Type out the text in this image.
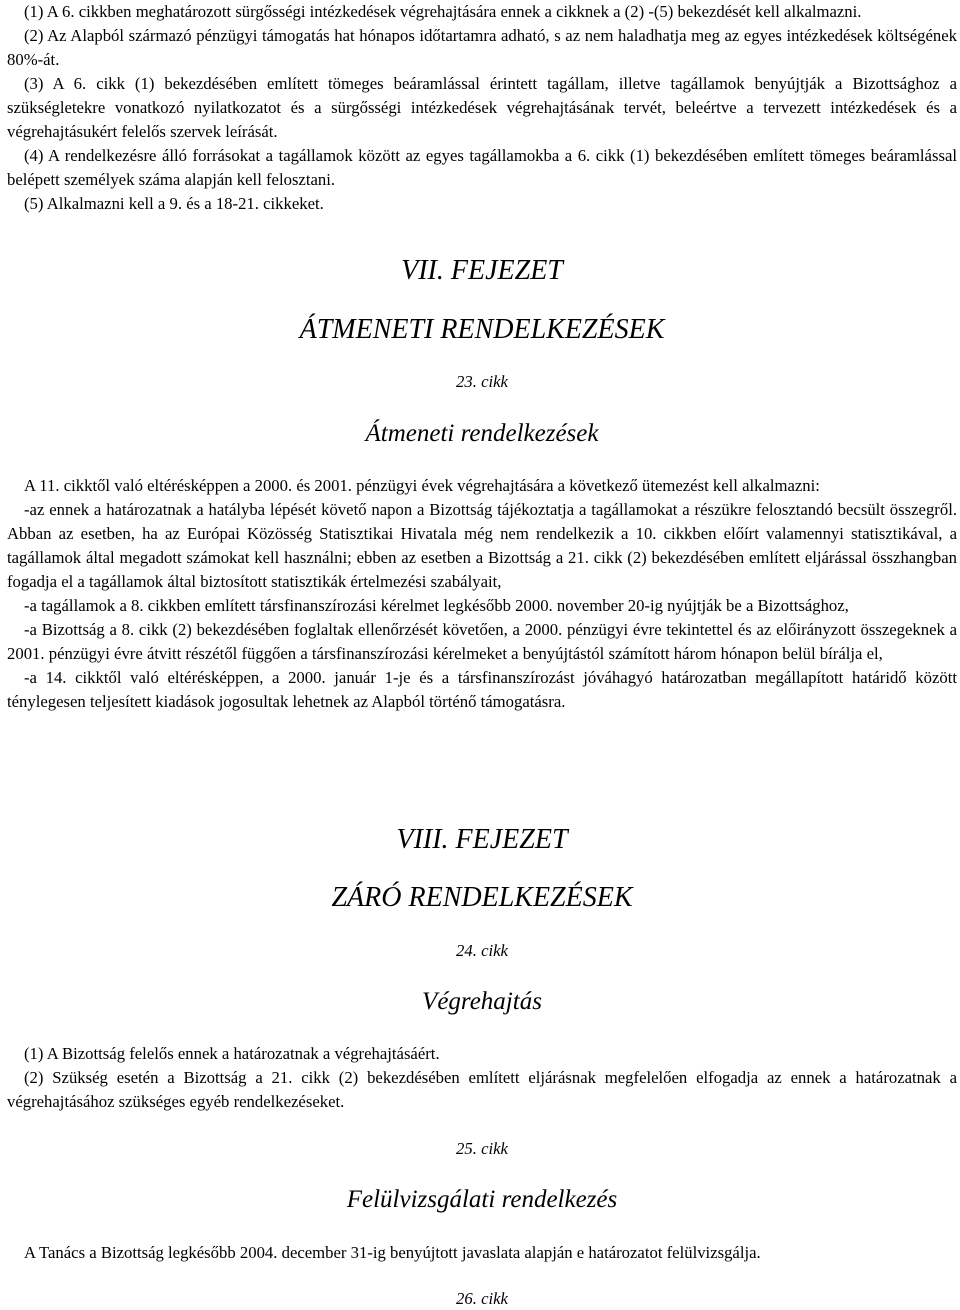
(1) A 6. cikkben meghatározott sürgősségi intézkedések végrehajtására ennek a cikknek a (2) -(5) bekezdését kell alkalmazni.

(2) Az Alapból származó pénzügyi támogatás hat hónapos időtartamra adható, s az nem haladhatja meg az egyes intézkedések költségének 80%-át.

(3) A 6. cikk (1) bekezdésében említett tömeges beáramlással érintett tagállam, illetve tagállamok benyújtják a Bizottsághoz a szükségletekre vonatkozó nyilatkozatot és a sürgősségi intézkedések végrehajtásának tervét, beleértve a tervezett intézkedések és a végrehajtásukért felelős szervek leírását.

(4) A rendelkezésre álló forrásokat a tagállamok között az egyes tagállamokba a 6. cikk (1) bekezdésében említett tömeges beáramlással belépett személyek száma alapján kell felosztani.

(5) Alkalmazni kell a 9. és a 18-21. cikkeket.

VII. FEJEZET
ÁTMENETI RENDELKEZÉSEK
23. cikk
Átmeneti rendelkezések

A 11. cikktől való eltérésképpen a 2000. és 2001. pénzügyi évek végrehajtására a következő ütemezést kell alkalmazni:

-az ennek a határozatnak a hatályba lépését követő napon a Bizottság tájékoztatja a tagállamokat a részükre felosztandó becsült összegről. Abban az esetben, ha az Európai Közösség Statisztikai Hivatala még nem rendelkezik a 10. cikkben előírt valamennyi statisztikával, a tagállamok által megadott számokat kell használni; ebben az esetben a Bizottság a 21. cikk (2) bekezdésében említett eljárással összhangban fogadja el a tagállamok által biztosított statisztikák értelmezési szabályait,

-a tagállamok a 8. cikkben említett társfinanszírozási kérelmet legkésőbb 2000. november 20-ig nyújtják be a Bizottsághoz,

-a Bizottság a 8. cikk (2) bekezdésében foglaltak ellenőrzését követően, a 2000. pénzügyi évre tekintettel és az előirányzott összegeknek a 2001. pénzügyi évre átvitt részétől függően a társfinanszírozási kérelmeket a benyújtástól számított három hónapon belül bírálja el,

-a 14. cikktől való eltérésképpen, a 2000. január 1-je és a társfinanszírozást jóváhagyó határozatban megállapított határidő között ténylegesen teljesített kiadások jogosultak lehetnek az Alapból történő támogatásra.

VIII. FEJEZET
ZÁRÓ RENDELKEZÉSEK
24. cikk
Végrehajtás

(1) A Bizottság felelős ennek a határozatnak a végrehajtásáért.

(2) Szükség esetén a Bizottság a 21. cikk (2) bekezdésében említett eljárásnak megfelelően elfogadja az ennek a határozatnak a végrehajtásához szükséges egyéb rendelkezéseket.

25. cikk
Felülvizsgálati rendelkezés

A Tanács a Bizottság legkésőbb 2004. december 31-ig benyújtott javaslata alapján e határozatot felülvizsgálja.

26. cikk
